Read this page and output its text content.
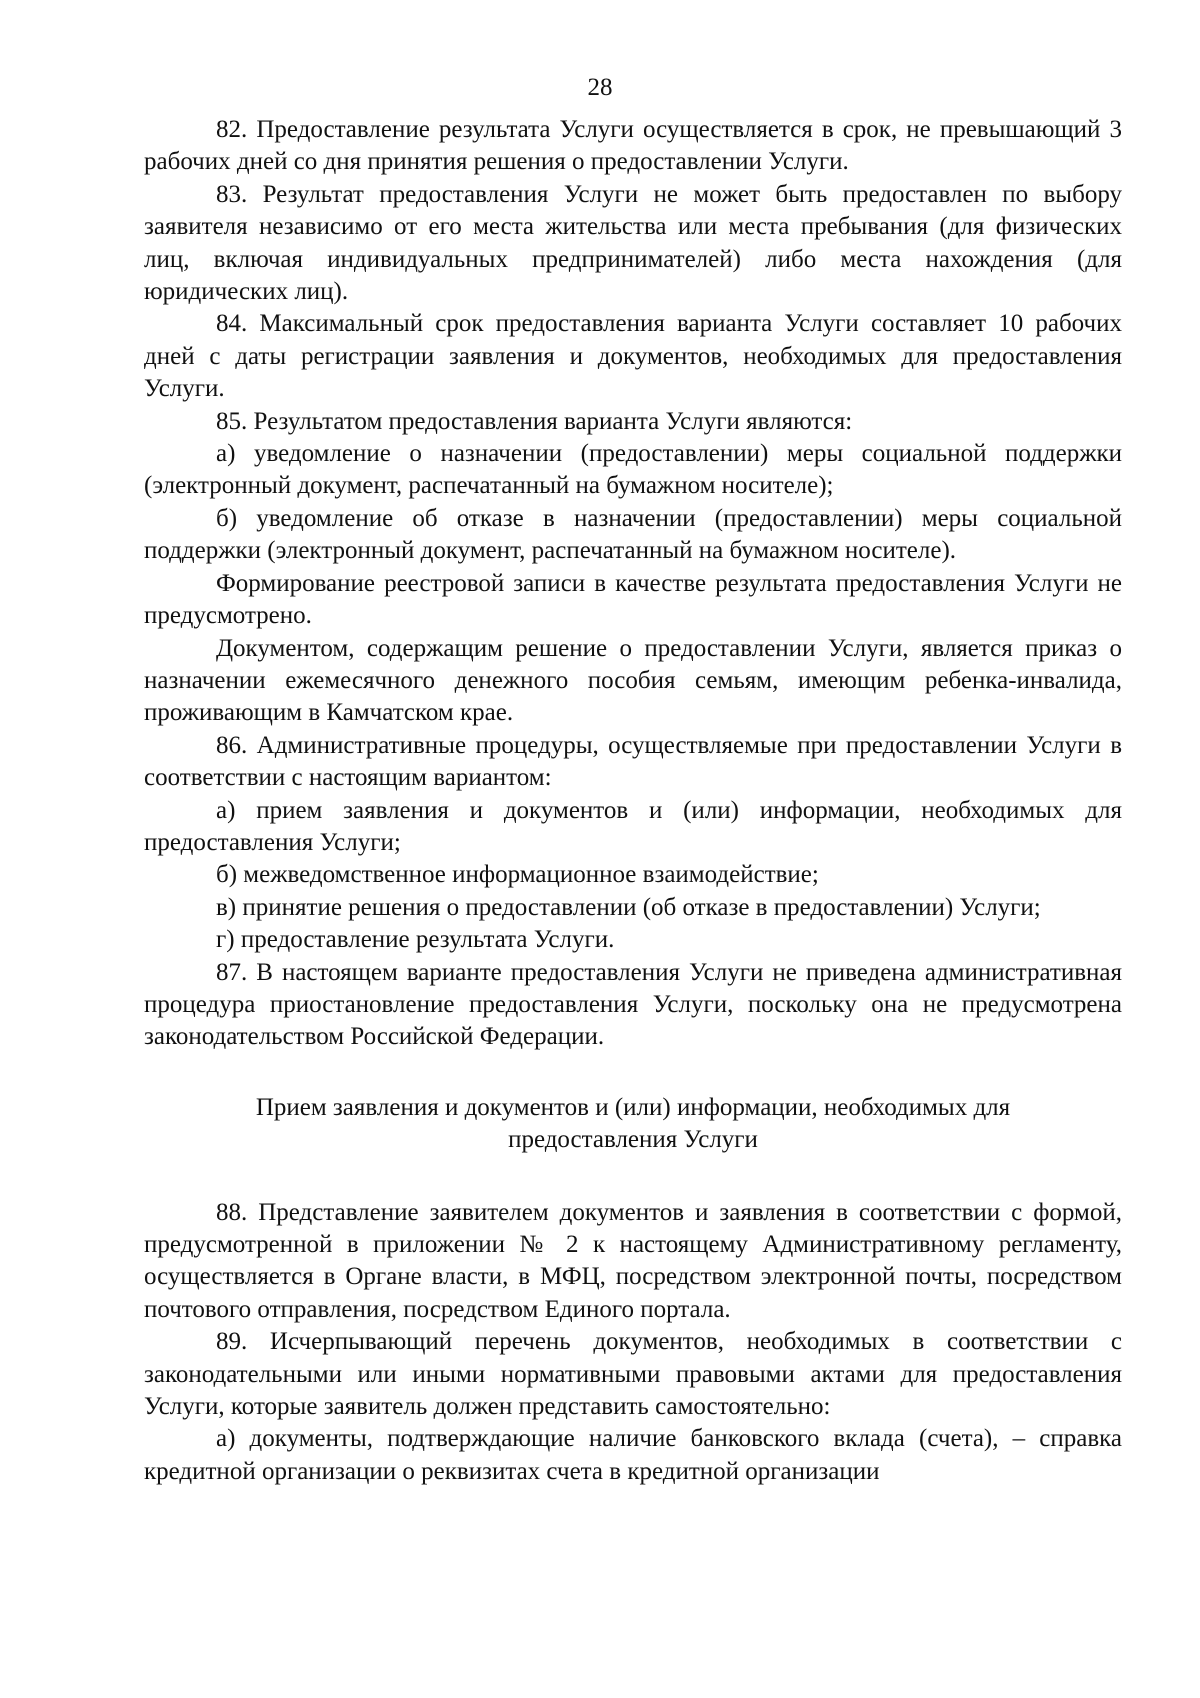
28

82. Предоставление результата Услуги осуществляется в срок, не превышающий 3 рабочих дней со дня принятия решения о предоставлении Услуги.

83. Результат предоставления Услуги не может быть предоставлен по выбору заявителя независимо от его места жительства или места пребывания (для физических лиц, включая индивидуальных предпринимателей) либо места нахождения (для юридических лиц).

84. Максимальный срок предоставления варианта Услуги составляет 10 рабочих дней с даты регистрации заявления и документов, необходимых для предоставления Услуги.

85. Результатом предоставления варианта Услуги являются:

а) уведомление о назначении (предоставлении) меры социальной поддержки (электронный документ, распечатанный на бумажном носителе);

б) уведомление об отказе в назначении (предоставлении) меры социальной поддержки (электронный документ, распечатанный на бумажном носителе).

Формирование реестровой записи в качестве результата предоставления Услуги не предусмотрено.

Документом, содержащим решение о предоставлении Услуги, является приказ о назначении ежемесячного денежного пособия семьям, имеющим ребенка-инвалида, проживающим в Камчатском крае.

86. Административные процедуры, осуществляемые при предоставлении Услуги в соответствии с настоящим вариантом:

а) прием заявления и документов и (или) информации, необходимых для предоставления Услуги;

б) межведомственное информационное взаимодействие;

в) принятие решения о предоставлении (об отказе в предоставлении) Услуги;

г) предоставление результата Услуги.

87. В настоящем варианте предоставления Услуги не приведена административная процедура приостановление предоставления Услуги, поскольку она не предусмотрена законодательством Российской Федерации.

Прием заявления и документов и (или) информации, необходимых для предоставления Услуги

88. Представление заявителем документов и заявления в соответствии с формой, предусмотренной в приложении № 2 к настоящему Административному регламенту, осуществляется в Органе власти, в МФЦ, посредством электронной почты, посредством почтового отправления, посредством Единого портала.

89. Исчерпывающий перечень документов, необходимых в соответствии с законодательными или иными нормативными правовыми актами для предоставления Услуги, которые заявитель должен представить самостоятельно:

а) документы, подтверждающие наличие банковского вклада (счета), – справка кредитной организации о реквизитах счета в кредитной организации
